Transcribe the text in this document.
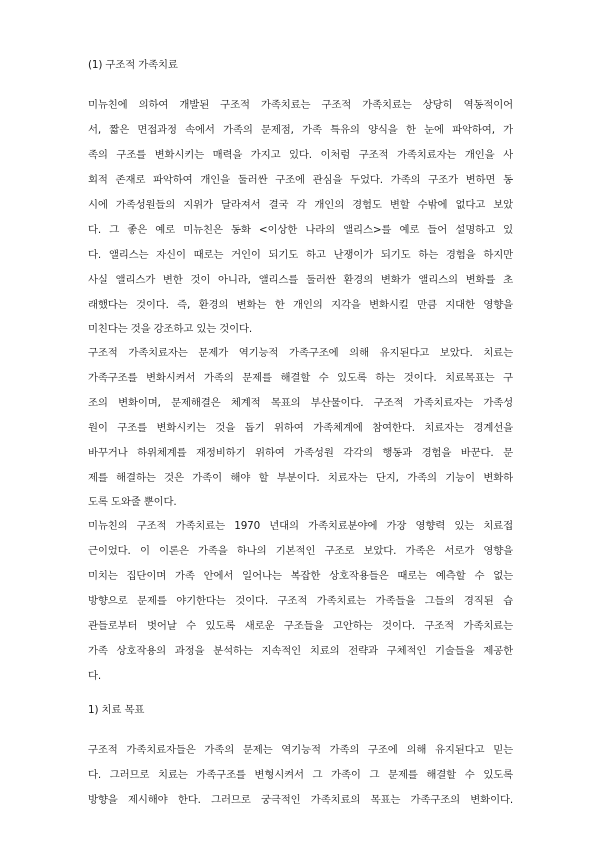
(1) 구조적 가족치료
미뉴친에 의하여 개발된 구조적 가족치료는 구조적 가족치료는 상당히 역동적이어
서, 짧은 면접과정 속에서 가족의 문제점, 가족 특유의 양식을 한 눈에 파악하여, 가
족의 구조를 변화시키는 매력을 가지고 있다. 이처럼 구조적 가족치료자는 개인을 사
회적 존재로 파악하여 개인을 둘러싼 구조에 관심을 두었다. 가족의 구조가 변하면 동
시에 가족성원들의 지위가 달라져서 결국 각 개인의 경험도 변할 수밖에 없다고 보았
다. 그 좋은 예로 미뉴친은 동화 <이상한 나라의 앨리스>를 예로 들어 설명하고 있
다. 앨리스는 자신이 때로는 거인이 되기도 하고 난쟁이가 되기도 하는 경험을 하지만
사실 앨리스가 변한 것이 아니라, 앨리스를 둘러싼 환경의 변화가 앨리스의 변화를 초
래했다는 것이다. 즉, 환경의 변화는 한 개인의 지각을 변화시킬 만큼 지대한 영향을
미친다는 것을 강조하고 있는 것이다.
구조적 가족치료자는 문제가 역기능적 가족구조에 의해 유지된다고 보았다. 치료는
가족구조를 변화시켜서 가족의 문제를 해결할 수 있도록 하는 것이다. 치료목표는 구
조의 변화이며, 문제해결은 체계적 목표의 부산물이다. 구조적 가족치료자는 가족성
원이 구조를 변화시키는 것을 돕기 위하여 가족체계에 참여한다. 치료자는 경계선을
바꾸거나 하위체계를 재정비하기 위하여 가족성원 각각의 행동과 경험을 바꾼다. 문
제를 해결하는 것은 가족이 해야 할 부분이다. 치료자는 단지, 가족의 기능이 변화하
도록 도와줄 뿐이다.
미뉴친의 구조적 가족치료는 1970 년대의 가족치료분야에 가장 영향력 있는 치료접
근이었다. 이 이론은 가족을 하나의 기본적인 구조로 보았다. 가족은 서로가 영향을
미치는 집단이며 가족 안에서 일어나는 복잡한 상호작용들은 때로는 예측할 수 없는
방향으로 문제를 야기한다는 것이다. 구조적 가족치료는 가족들을 그들의 경직된 습
관들로부터 벗어날 수 있도록 새로운 구조들을 고안하는 것이다. 구조적 가족치료는
가족 상호작용의 과정을 분석하는 지속적인 치료의 전략과 구체적인 기술들을 제공한
다.
1) 치료 목표
구조적 가족치료자들은 가족의 문제는 역기능적 가족의 구조에 의해 유지된다고 믿는
다. 그러므로 치료는 가족구조를 변형시켜서 그 가족이 그 문제를 해결할 수 있도록
방향을 제시해야 한다. 그러므로 궁극적인 가족치료의 목표는 가족구조의 변화이다.
